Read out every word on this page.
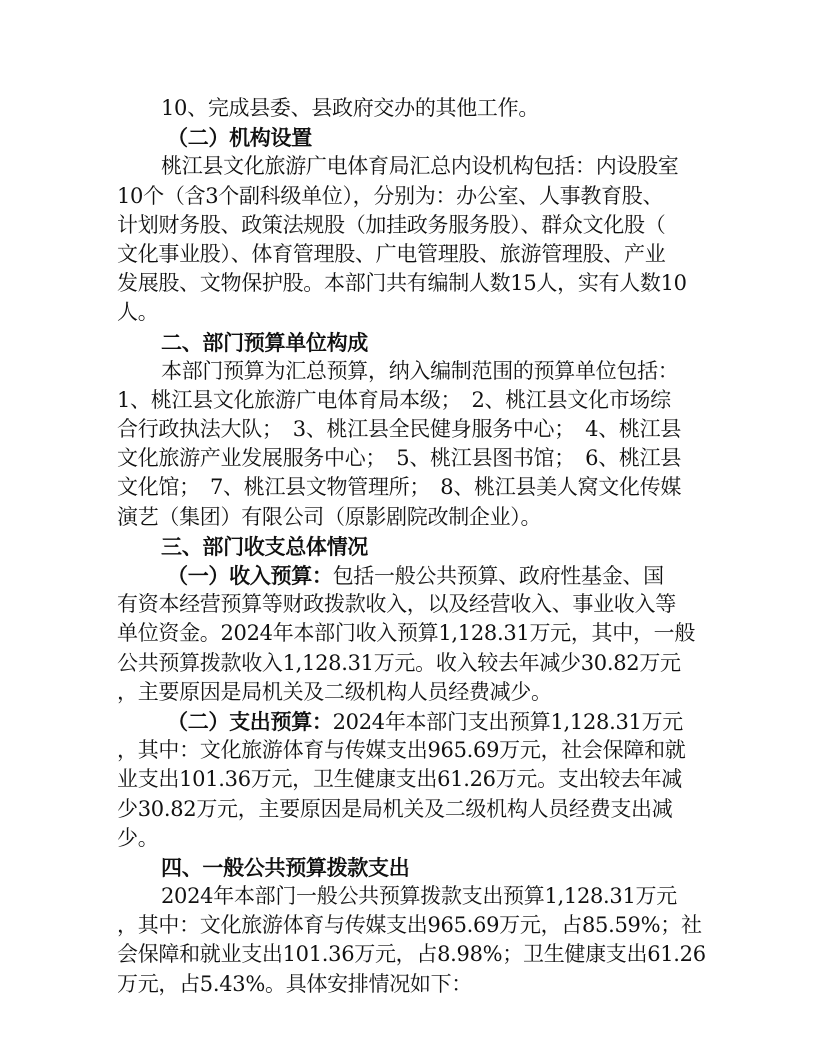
10、完成县委、县政府交办的其他工作。
（二）机构设置
桃江县文化旅游广电体育局汇总内设机构包括：内设股室
10个（含3个副科级单位），分别为：办公室、人事教育股、
计划财务股、政策法规股（加挂政务服务股）、群众文化股（
文化事业股）、体育管理股、广电管理股、旅游管理股、产业
发展股、文物保护股。本部门共有编制人数15人，实有人数10
人。
二、部门预算单位构成
本部门预算为汇总预算，纳入编制范围的预算单位包括：
1、桃江县文化旅游广电体育局本级；　2、桃江县文化市场综
合行政执法大队；　3、桃江县全民健身服务中心；　4、桃江县
文化旅游产业发展服务中心；　5、桃江县图书馆；　6、桃江县
文化馆；　7、桃江县文物管理所；　8、桃江县美人窝文化传媒
演艺（集团）有限公司（原影剧院改制企业）。
三、部门收支总体情况
（一）收入预算：包括一般公共预算、政府性基金、国
有资本经营预算等财政拨款收入，以及经营收入、事业收入等
单位资金。2024年本部门收入预算1,128.31万元，其中，一般
公共预算拨款收入1,128.31万元。收入较去年减少30.82万元
，主要原因是局机关及二级机构人员经费减少。
（二）支出预算：2024年本部门支出预算1,128.31万元
，其中：文化旅游体育与传媒支出965.69万元，社会保障和就
业支出101.36万元，卫生健康支出61.26万元。支出较去年减
少30.82万元，主要原因是局机关及二级机构人员经费支出减
少。
四、一般公共预算拨款支出
2024年本部门一般公共预算拨款支出预算1,128.31万元
，其中：文化旅游体育与传媒支出965.69万元，占85.59%；社
会保障和就业支出101.36万元，占8.98%；卫生健康支出61.26
万元，占5.43%。具体安排情况如下：
